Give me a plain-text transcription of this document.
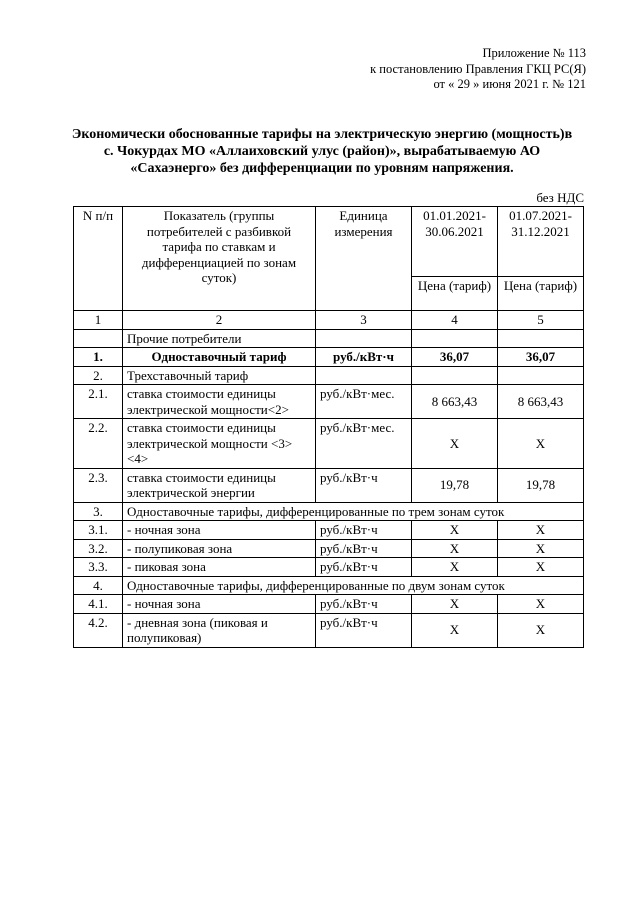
Приложение № 113
к постановлению Правления ГКЦ РС(Я)
от « 29 » июня 2021 г. № 121
Экономически обоснованные тарифы на электрическую энергию (мощность)в
с. Чокурдах МО «Аллаиховский улус (район)», вырабатываемую АО
«Сахаэнерго» без дифференциации по уровням напряжения.
без НДС
N п/п	Показатель (группы потребителей с разбивкой тарифа по ставкам и дифференциацией по зонам суток)	Единица измерения	01.01.2021-30.06.2021	01.07.2021-31.12.2021
			Цена (тариф)	Цена (тариф)
1	2	3	4	5
	Прочие потребители			
1.	Одноставочный тариф	руб./кВт·ч	36,07	36,07
2.	Трехставочный тариф			
2.1.	ставка стоимости единицы электрической мощности<2>	руб./кВт·мес.	8 663,43	8 663,43
2.2.	ставка стоимости единицы электрической мощности <3><4>	руб./кВт·мес.	X	X
2.3.	ставка стоимости единицы электрической энергии	руб./кВт·ч	19,78	19,78
3.	Одноставочные тарифы, дифференцированные по трем зонам суток			
3.1.	- ночная зона	руб./кВт·ч	X	X
3.2.	- полупиковая зона	руб./кВт·ч	X	X
3.3.	- пиковая зона	руб./кВт·ч	X	X
4.	Одноставочные тарифы, дифференцированные по двум зонам суток			
4.1.	- ночная зона	руб./кВт·ч	X	X
4.2.	- дневная зона (пиковая и полупиковая)	руб./кВт·ч	X	X
